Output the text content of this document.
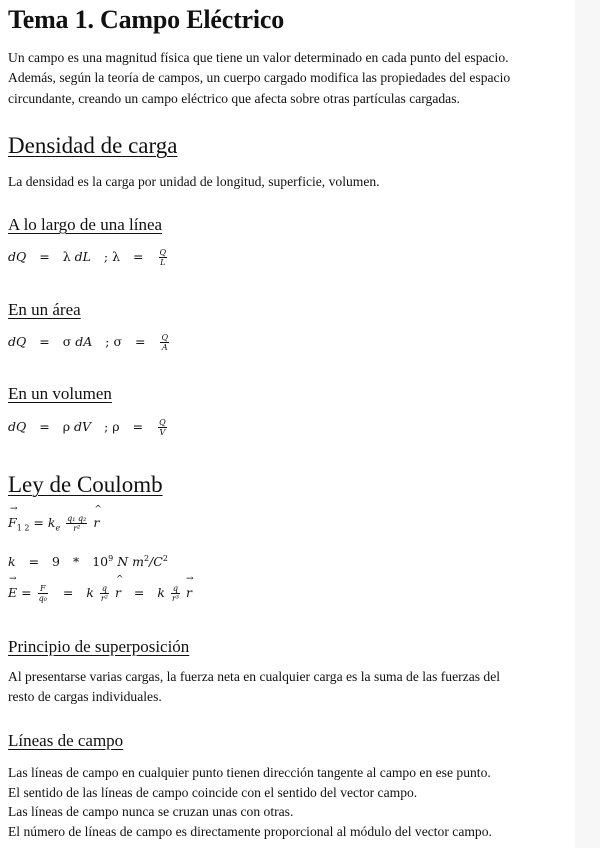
Tema 1. Campo Eléctrico

Un campo es una magnitud física que tiene un valor determinado en cada punto del espacio.
Además, según la teoría de campos, un cuerpo cargado modifica las propiedades del espacio
circundante, creando un campo eléctrico que afecta sobre otras partículas cargadas.

Densidad de carga

La densidad es la carga por unidad de longitud, superficie, volumen.

A lo largo de una línea
dQ = λ dL ; $\lambda = \frac{Q}{L}$
En un área
dQ = σ dA ; $\sigma = \frac{Q}{A}$
En un volumen
dQ = ρ dV ; $\rho = \frac{Q}{V}$
Ley de Coulomb
→
$F_{1 2} = k_e \frac{\text{q₁ q₂}}{\text{r²}}$

^
r
$k = 9 * 10^9$ N $m^2/C^2$
→
$E = \frac{F}{\text{q₀}} = k \frac{q}{\text{r²}}$

^
r = k $\frac{q}{\text{r³}}$

→
r
Principio de superposición

Al presentarse varias cargas, la fuerza neta en cualquier carga es la suma de las fuerzas del
resto de cargas individuales.

Líneas de campo

Las líneas de campo en cualquier punto tienen dirección tangente al campo en ese punto.
El sentido de las líneas de campo coincide con el sentido del vector campo.
Las líneas de campo nunca se cruzan unas con otras.
El número de líneas de campo es directamente proporcional al módulo del vector campo.
